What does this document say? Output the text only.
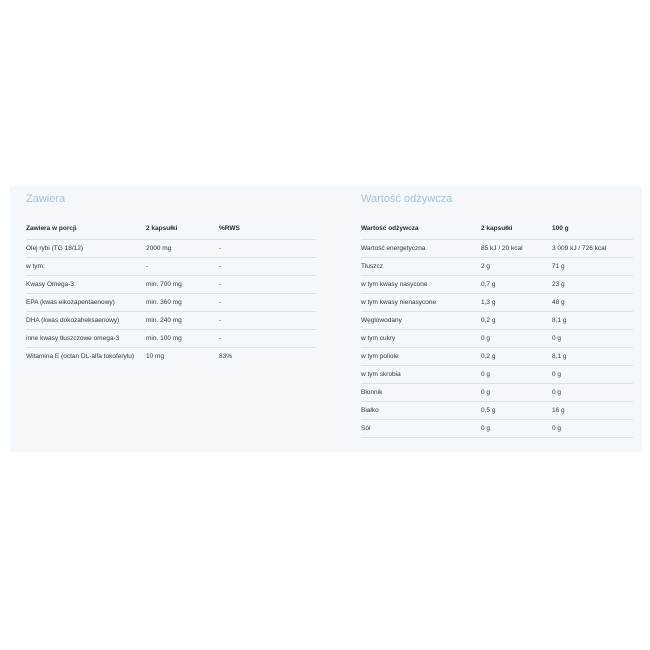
Zawiera
Zawiera w porcji	2 kapsułki	%RWS
Olej rybi (TG 18/12)	2000 mg	-
w tym:	-	-
Kwasy Omega-3:	min. 700 mg	-
EPA (kwas eikozapentaenowy)	min. 360 mg	-
DHA (kwas dokozaheksaenowy)	min. 240 mg	-
inne kwasy tłuszczowe omega-3	min. 100 mg	-
Witamina E (octan DL-alfa tokoferylu)	10 mg	83%
Wartość odżywcza
Wartość odżywcza	2 kapsułki	100 g
Wartość energetyczna	85 kJ / 20 kcal	3 009 kJ / 726 kcal
Tłuszcz	2 g	71 g
w tym kwasy nasycone	0,7 g	23 g
w tym kwasy nienasycone	1,3 g	48 g
Węglowodany	0,2 g	8,1 g
w tym cukry	0 g	0 g
w tym poliole	0,2 g	8,1 g
w tym skrobia	0 g	0 g
Błonnik	0 g	0 g
Białko	0,5 g	16 g
Sól	0 g	0 g
